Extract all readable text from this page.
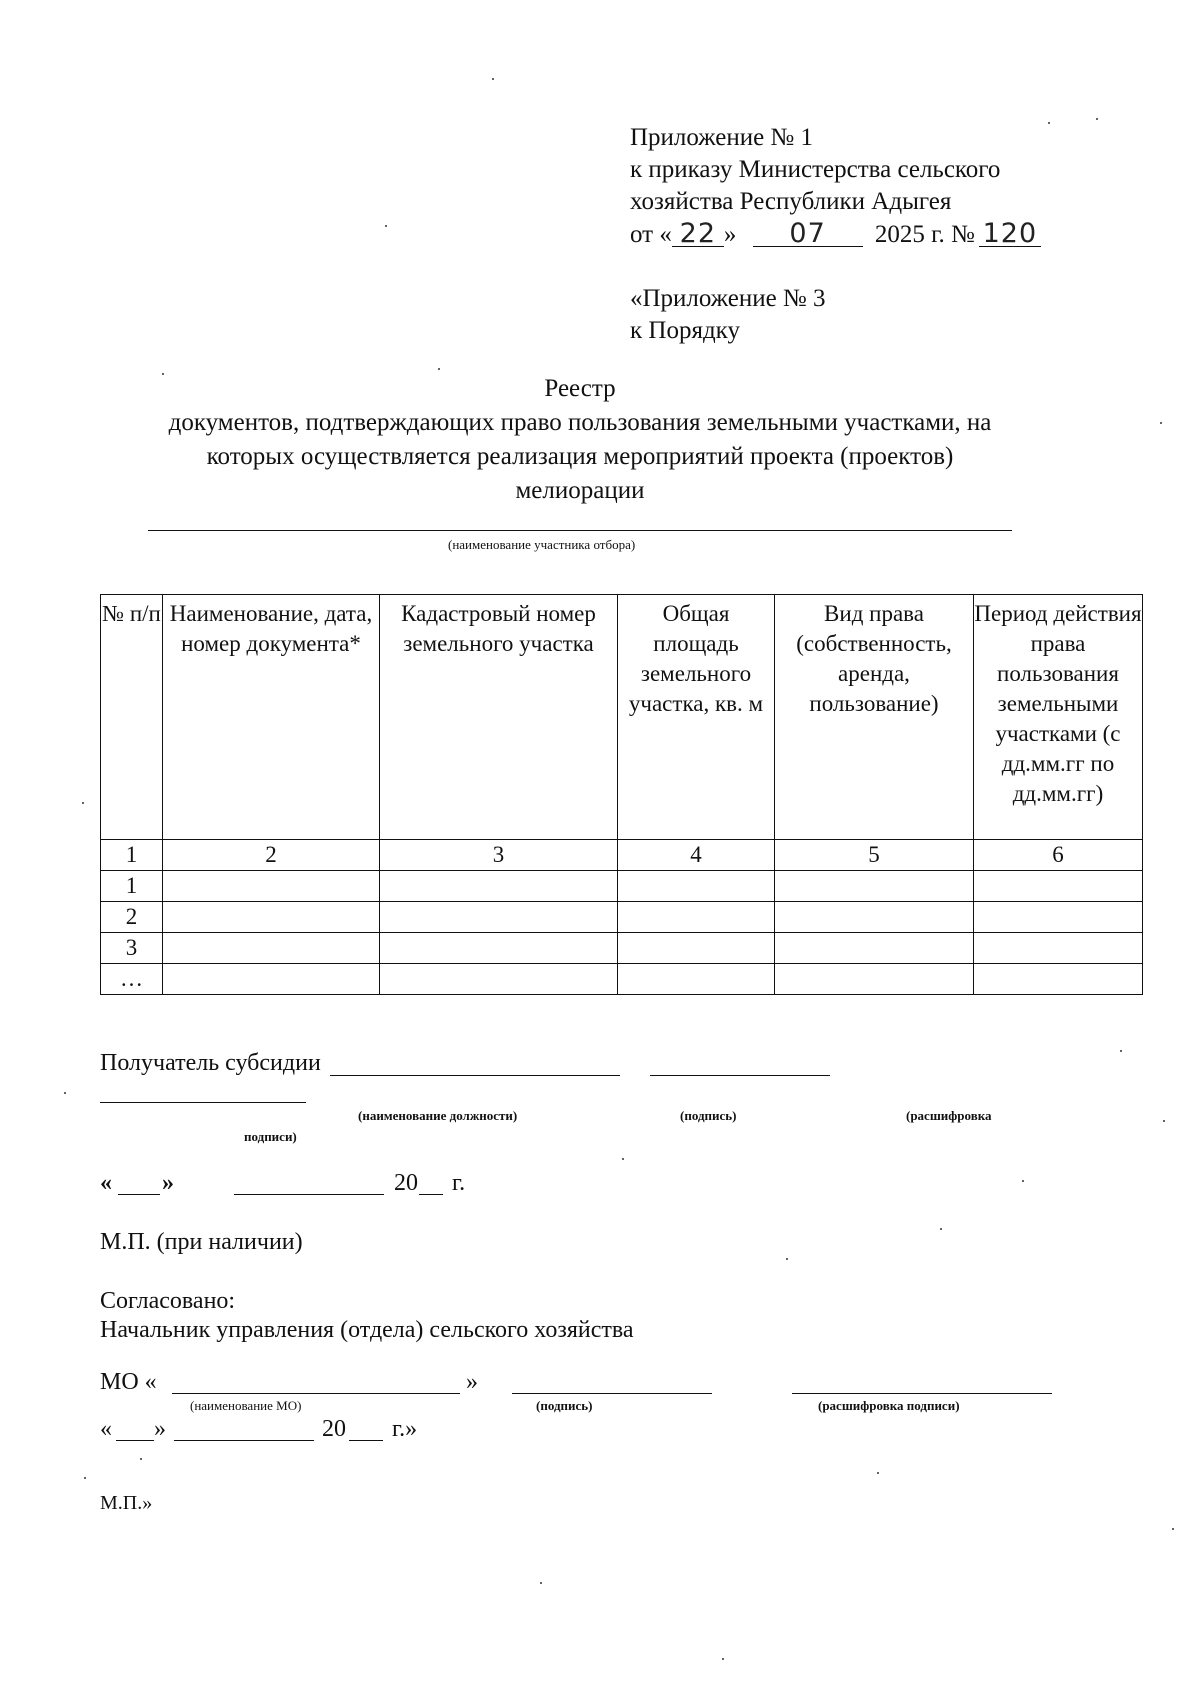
Приложение № 1
к приказу Министерства сельского
хозяйства Республики Адыгея
от « 22 » 07 2025 г. № 120
«Приложение № 3
к Порядку
Реестр
документов, подтверждающих право пользования земельными участками, на
которых осуществляется реализация мероприятий проекта (проектов)
мелиорации
(наименование участника отбора)
№ п/п	Наименование, дата, номер документа*	Кадастровый номер земельного участка	Общая площадь земельного участка, кв. м	Вид права (собственность, аренда, пользование)	Период действия права пользования земельными участками (с дд.мм.гг по дд.мм.гг)
1	2	3	4	5	6
1					
2					
3					
…					
Получатель субсидии
(наименование должности)	(подпись)	(расшифровка
подписи)
« »	20 г.
М.П. (при наличии)
Согласовано:
Начальник управления (отдела) сельского хозяйства
МО «	»
(наименование МО)	(подпись)	(расшифровка подписи)
« »	20 г.»
М.П.»
